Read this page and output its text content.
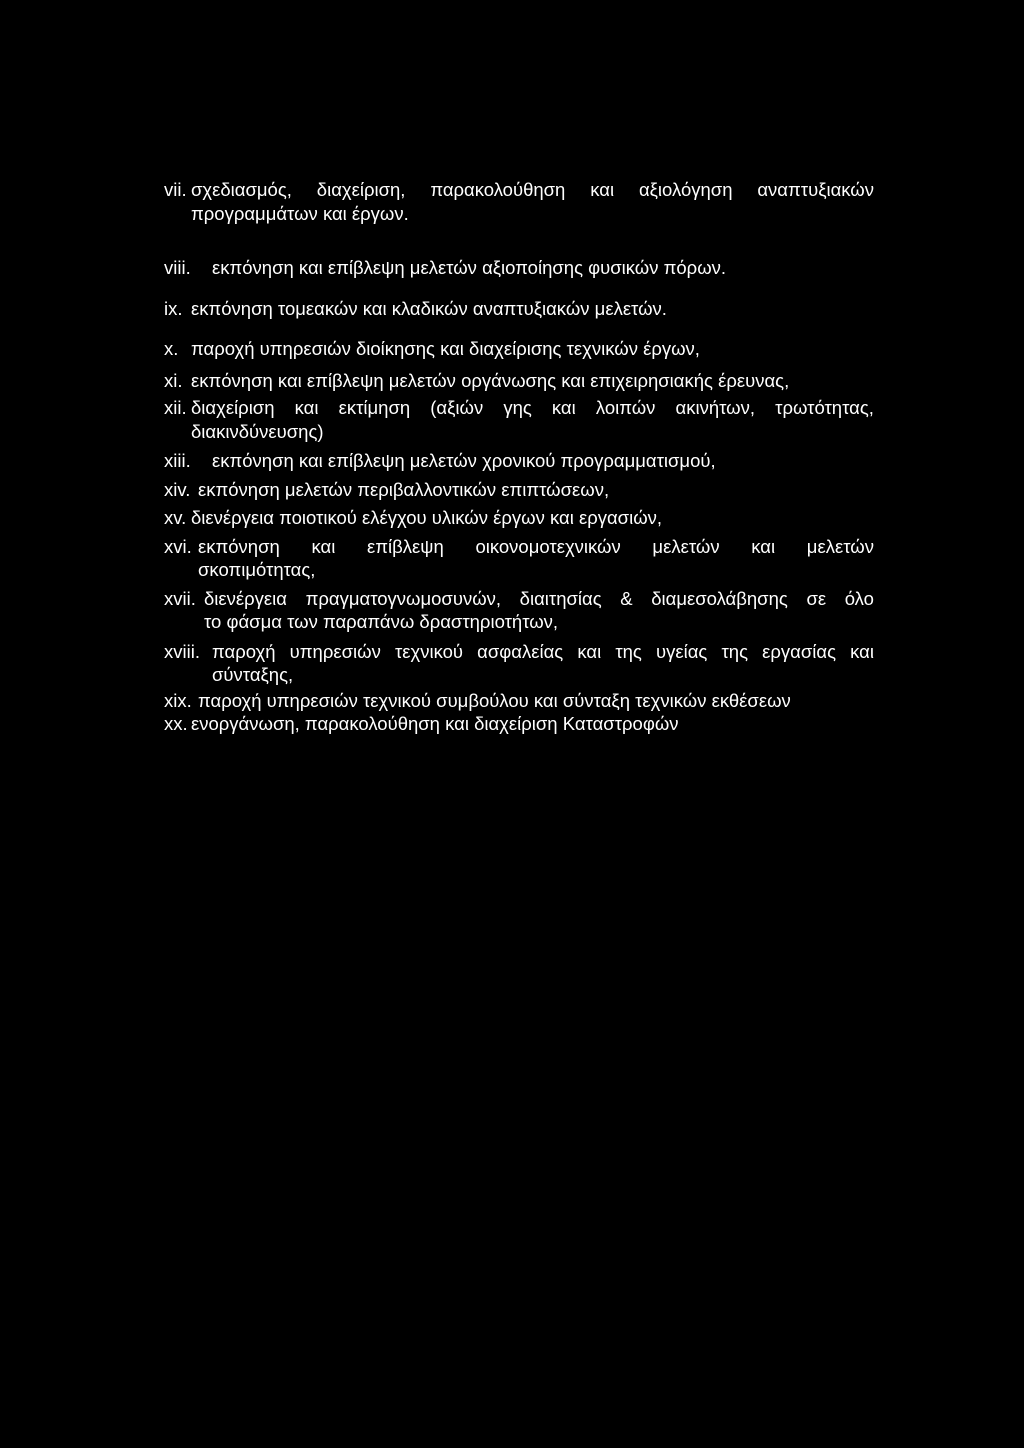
vii. σχεδιασμός, διαχείριση, παρακολούθηση και αξιολόγηση αναπτυξιακών
προγραμμάτων και έργων.
viii. εκπόνηση και επίβλεψη μελετών αξιοποίησης φυσικών πόρων.
ix. εκπόνηση τομεακών και κλαδικών αναπτυξιακών μελετών.
x. παροχή υπηρεσιών διοίκησης και διαχείρισης τεχνικών έργων,
xi. εκπόνηση και επίβλεψη μελετών οργάνωσης και επιχειρησιακής έρευνας,
xii. διαχείριση και εκτίμηση (αξιών γης και λοιπών ακινήτων, τρωτότητας,
διακινδύνευσης)
xiii. εκπόνηση και επίβλεψη μελετών χρονικού προγραμματισμού,
xiv. εκπόνηση μελετών περιβαλλοντικών επιπτώσεων,
xv. διενέργεια ποιοτικού ελέγχου υλικών έργων και εργασιών,
xvi. εκπόνηση και επίβλεψη οικονομοτεχνικών μελετών και μελετών
σκοπιμότητας,
xvii. διενέργεια πραγματογνωμοσυνών, διαιτησίας & διαμεσολάβησης σε όλο
το φάσμα των παραπάνω δραστηριοτήτων,
xviii. παροχή υπηρεσιών τεχνικού ασφαλείας και της υγείας της εργασίας και
σύνταξης,
xix. παροχή υπηρεσιών τεχνικού συμβούλου και σύνταξη τεχνικών εκθέσεων
xx. ενοργάνωση, παρακολούθηση και διαχείριση Καταστροφών
